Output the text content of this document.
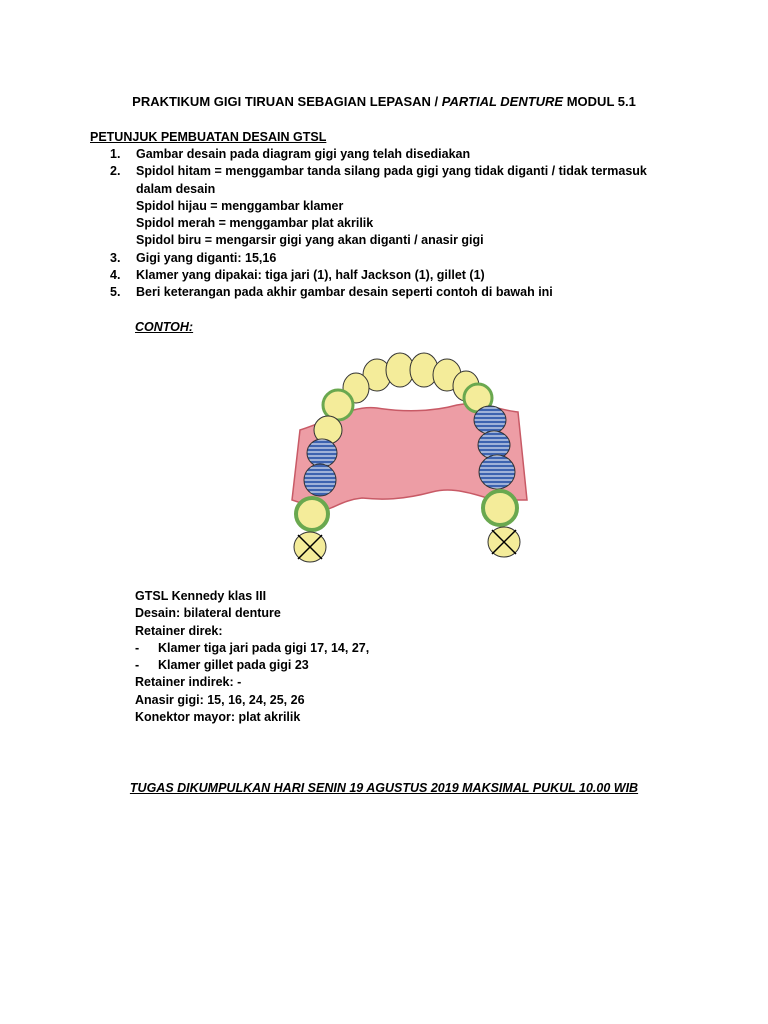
PRAKTIKUM GIGI TIRUAN SEBAGIAN LEPASAN / PARTIAL DENTURE MODUL 5.1
PETUNJUK PEMBUATAN DESAIN GTSL
1.	Gambar desain pada diagram gigi yang telah disediakan
2.	Spidol hitam = menggambar tanda silang pada gigi yang tidak diganti / tidak termasuk dalam desain
Spidol hijau = menggambar klamer
Spidol merah = menggambar plat akrilik
Spidol biru = mengarsir gigi yang akan diganti / anasir gigi
3.	Gigi yang diganti: 15,16
4.	Klamer yang dipakai: tiga jari (1), half Jackson (1), gillet (1)
5.	Beri keterangan pada akhir gambar desain seperti contoh di bawah ini
CONTOH:
GTSL Kennedy klas III
Desain: bilateral denture
Retainer direk:
-	Klamer tiga jari pada gigi 17, 14, 27,
-	Klamer gillet pada gigi 23
Retainer indirek: -
Anasir gigi: 15, 16, 24, 25, 26
Konektor mayor: plat akrilik
TUGAS DIKUMPULKAN HARI SENIN 19 AGUSTUS 2019 MAKSIMAL PUKUL 10.00 WIB
